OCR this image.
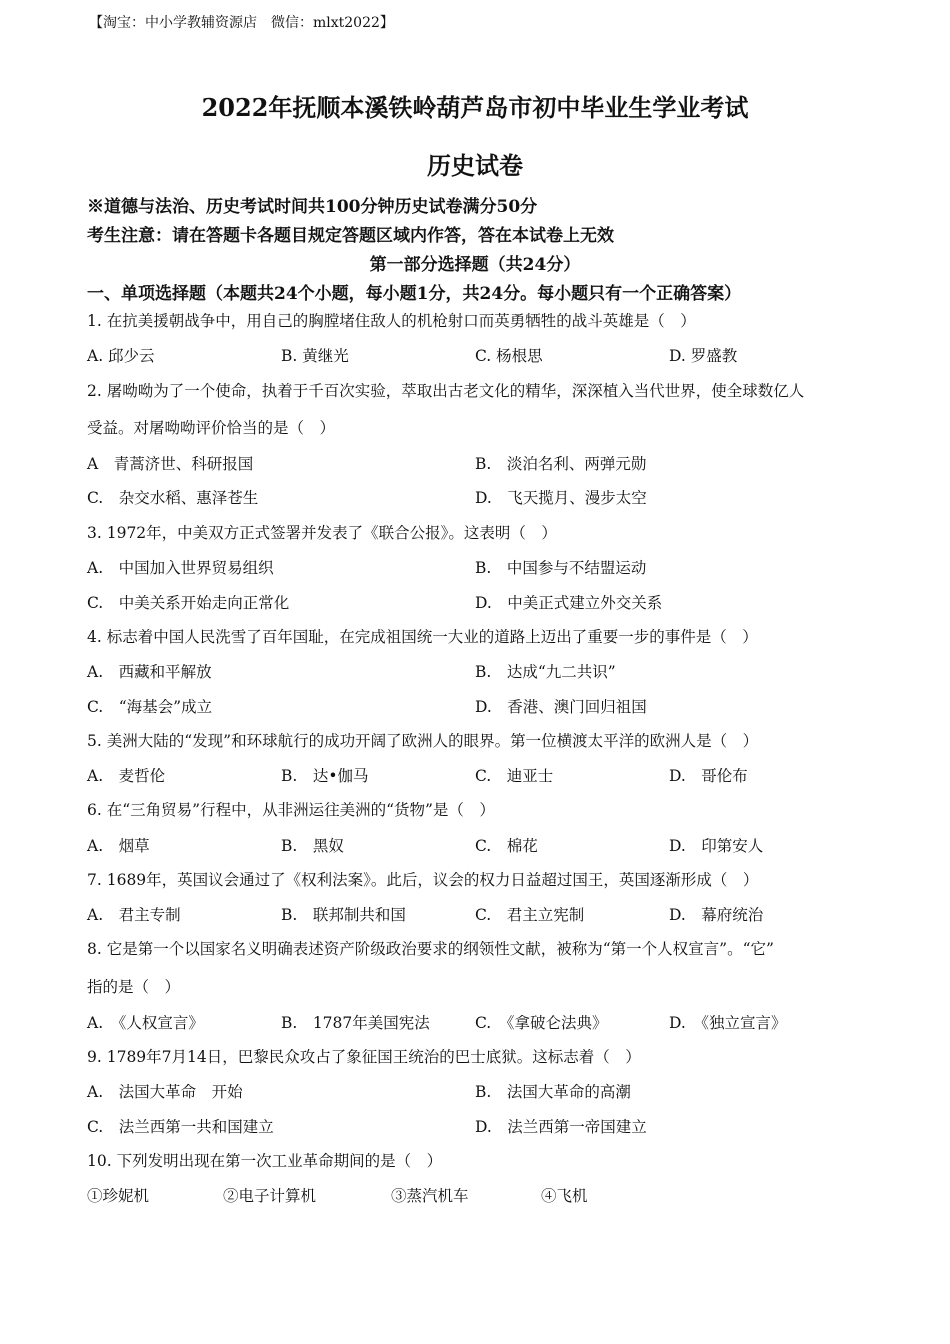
【淘宝：中小学教辅资源店　微信：mlxt2022】
2022年抚顺本溪铁岭葫芦岛市初中毕业生学业考试
历史试卷
※道德与法治、历史考试时间共100分钟历史试卷满分50分
考生注意：请在答题卡各题目规定答题区域内作答，答在本试卷上无效
第一部分选择题（共24分）
一、单项选择题（本题共24个小题，每小题1分，共24分。每小题只有一个正确答案）
1. 在抗美援朝战争中，用自己的胸膛堵住敌人的机枪射口而英勇牺牲的战斗英雄是（　）
A. 邱少云	B. 黄继光	C. 杨根思	D. 罗盛教
2. 屠呦呦为了一个使命，执着于千百次实验，萃取出古老文化的精华，深深植入当代世界，使全球数亿人
受益。对屠呦呦评价恰当的是（　）
A　青蒿济世、科研报国	B.　淡泊名利、两弹元勋
C.　杂交水稻、惠泽苍生	D.　飞天揽月、漫步太空
3. 1972年，中美双方正式签署并发表了《联合公报》。这表明（　）
A.　中国加入世界贸易组织	B.　中国参与不结盟运动
C.　中美关系开始走向正常化	D.　中美正式建立外交关系
4. 标志着中国人民洗雪了百年国耻，在完成祖国统一大业的道路上迈出了重要一步的事件是（　）
A.　西藏和平解放	B.　达成“九二共识”
C.　“海基会”成立	D.　香港、澳门回归祖国
5. 美洲大陆的“发现”和环球航行的成功开阔了欧洲人的眼界。第一位横渡太平洋的欧洲人是（　）
A.　麦哲伦	B.　达•伽马	C.　迪亚士	D.　哥伦布
6. 在“三角贸易”行程中，从非洲运往美洲的“货物”是（　）
A.　烟草	B.　黑奴	C.　棉花	D.　印第安人
7. 1689年，英国议会通过了《权利法案》。此后，议会的权力日益超过国王，英国逐渐形成（　）
A.　君主专制	B.　联邦制共和国	C.　君主立宪制	D.　幕府统治
8. 它是第一个以国家名义明确表述资产阶级政治要求的纲领性文献，被称为“第一个人权宣言”。“它”
指的是（　）
A.　《人权宣言》	B.　1787年美国宪法	C.　《拿破仑法典》	D.　《独立宣言》
9. 1789年7月14日，巴黎民众攻占了象征国王统治的巴士底狱。这标志着（　）
A.　法国大革命　开始	B.　法国大革命的高潮
C.　法兰西第一共和国建立	D.　法兰西第一帝国建立
10. 下列发明出现在第一次工业革命期间的是（　）
①珍妮机	②电子计算机	③蒸汽机车	④飞机
